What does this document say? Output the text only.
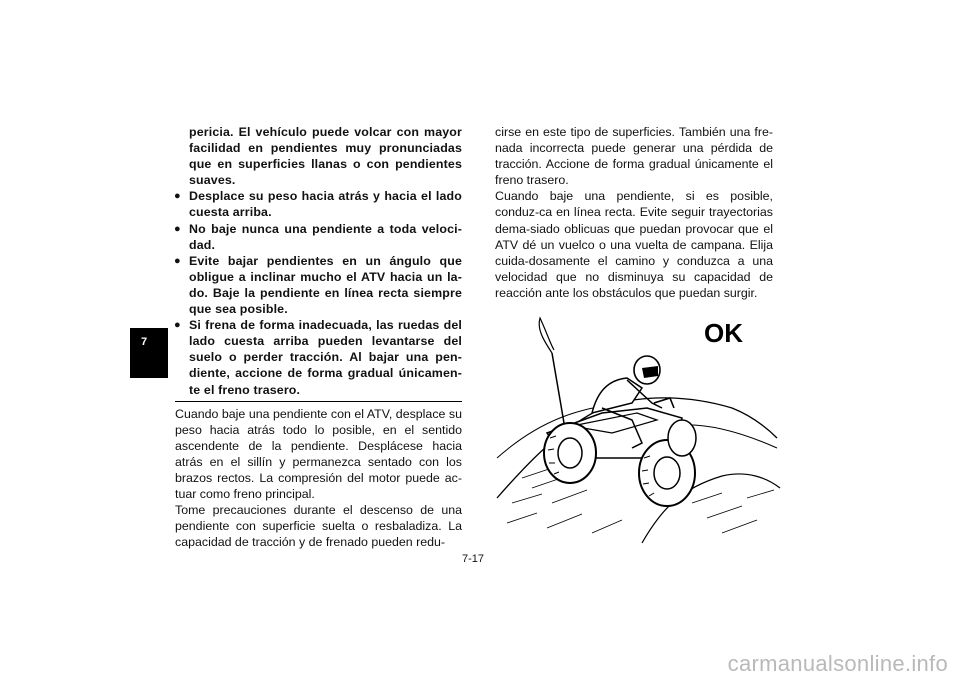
7

pericia. El vehículo puede volcar con mayor facilidad en pendientes muy pronunciadas que en superficies llanas o con pendientes suaves.

● Desplace su peso hacia atrás y hacia el lado cuesta arriba.

● No baje nunca una pendiente a toda veloci-dad.

● Evite bajar pendientes en un ángulo que obligue a inclinar mucho el ATV hacia un la-do. Baje la pendiente en línea recta siempre que sea posible.

● Si frena de forma inadecuada, las ruedas del lado cuesta arriba pueden levantarse del suelo o perder tracción. Al bajar una pen-diente, accione de forma gradual únicamen-te el freno trasero.

Cuando baje una pendiente con el ATV, desplace su peso hacia atrás todo lo posible, en el sentido ascendente de la pendiente. Desplácese hacia atrás en el sillín y permanezca sentado con los brazos rectos. La compresión del motor puede ac-tuar como freno principal.

Tome precauciones durante el descenso de una pendiente con superficie suelta o resbaladiza. La capacidad de tracción y de frenado pueden redu-

cirse en este tipo de superficies. También una fre-nada incorrecta puede generar una pérdida de tracción. Accione de forma gradual únicamente el freno trasero.

Cuando baje una pendiente, si es posible, conduz-ca en línea recta. Evite seguir trayectorias dema-siado oblicuas que puedan provocar que el ATV dé un vuelco o una vuelta de campana. Elija cuida-dosamente el camino y conduzca a una velocidad que no disminuya su capacidad de reacción ante los obstáculos que puedan surgir.

OK
7-17
carmanualsonline.info
